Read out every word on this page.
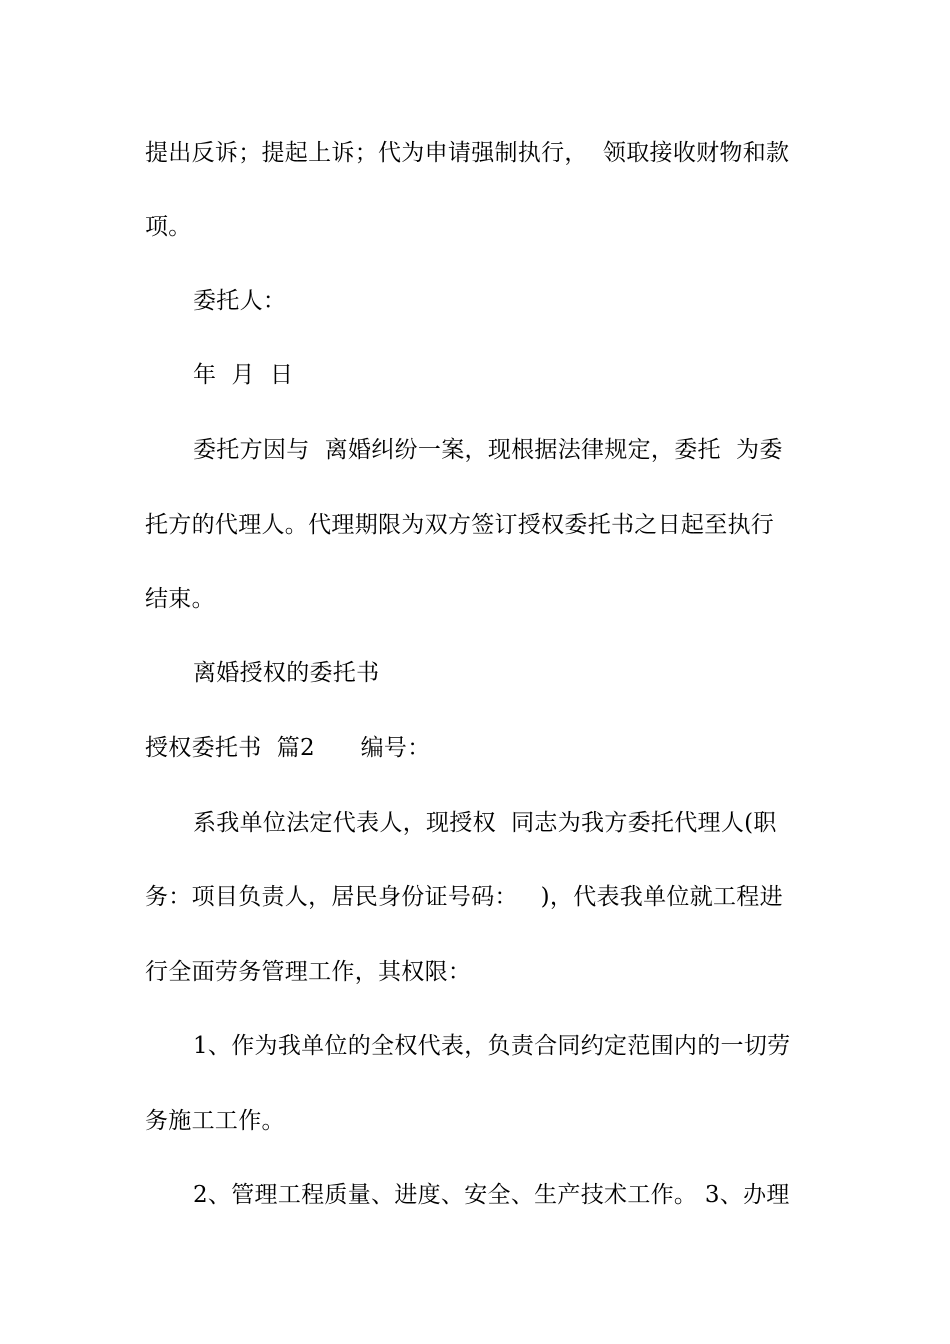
提出反诉；提起上诉；代为申请强制执行，  领取接收财物和款
项。
委托人：
年  月  日
委托方因与  离婚纠纷一案，现根据法律规定，委托  为委
托方的代理人。代理期限为双方签订授权委托书之日起至执行
结束。
离婚授权的委托书
授权委托书  篇2      编号：
系我单位法定代表人，现授权  同志为我方委托代理人(职
务：项目负责人，居民身份证号码：   )，代表我单位就工程进
行全面劳务管理工作，其权限：
1、作为我单位的全权代表，负责合同约定范围内的一切劳
务施工工作。
2、管理工程质量、进度、安全、生产技术工作。 3、办理
